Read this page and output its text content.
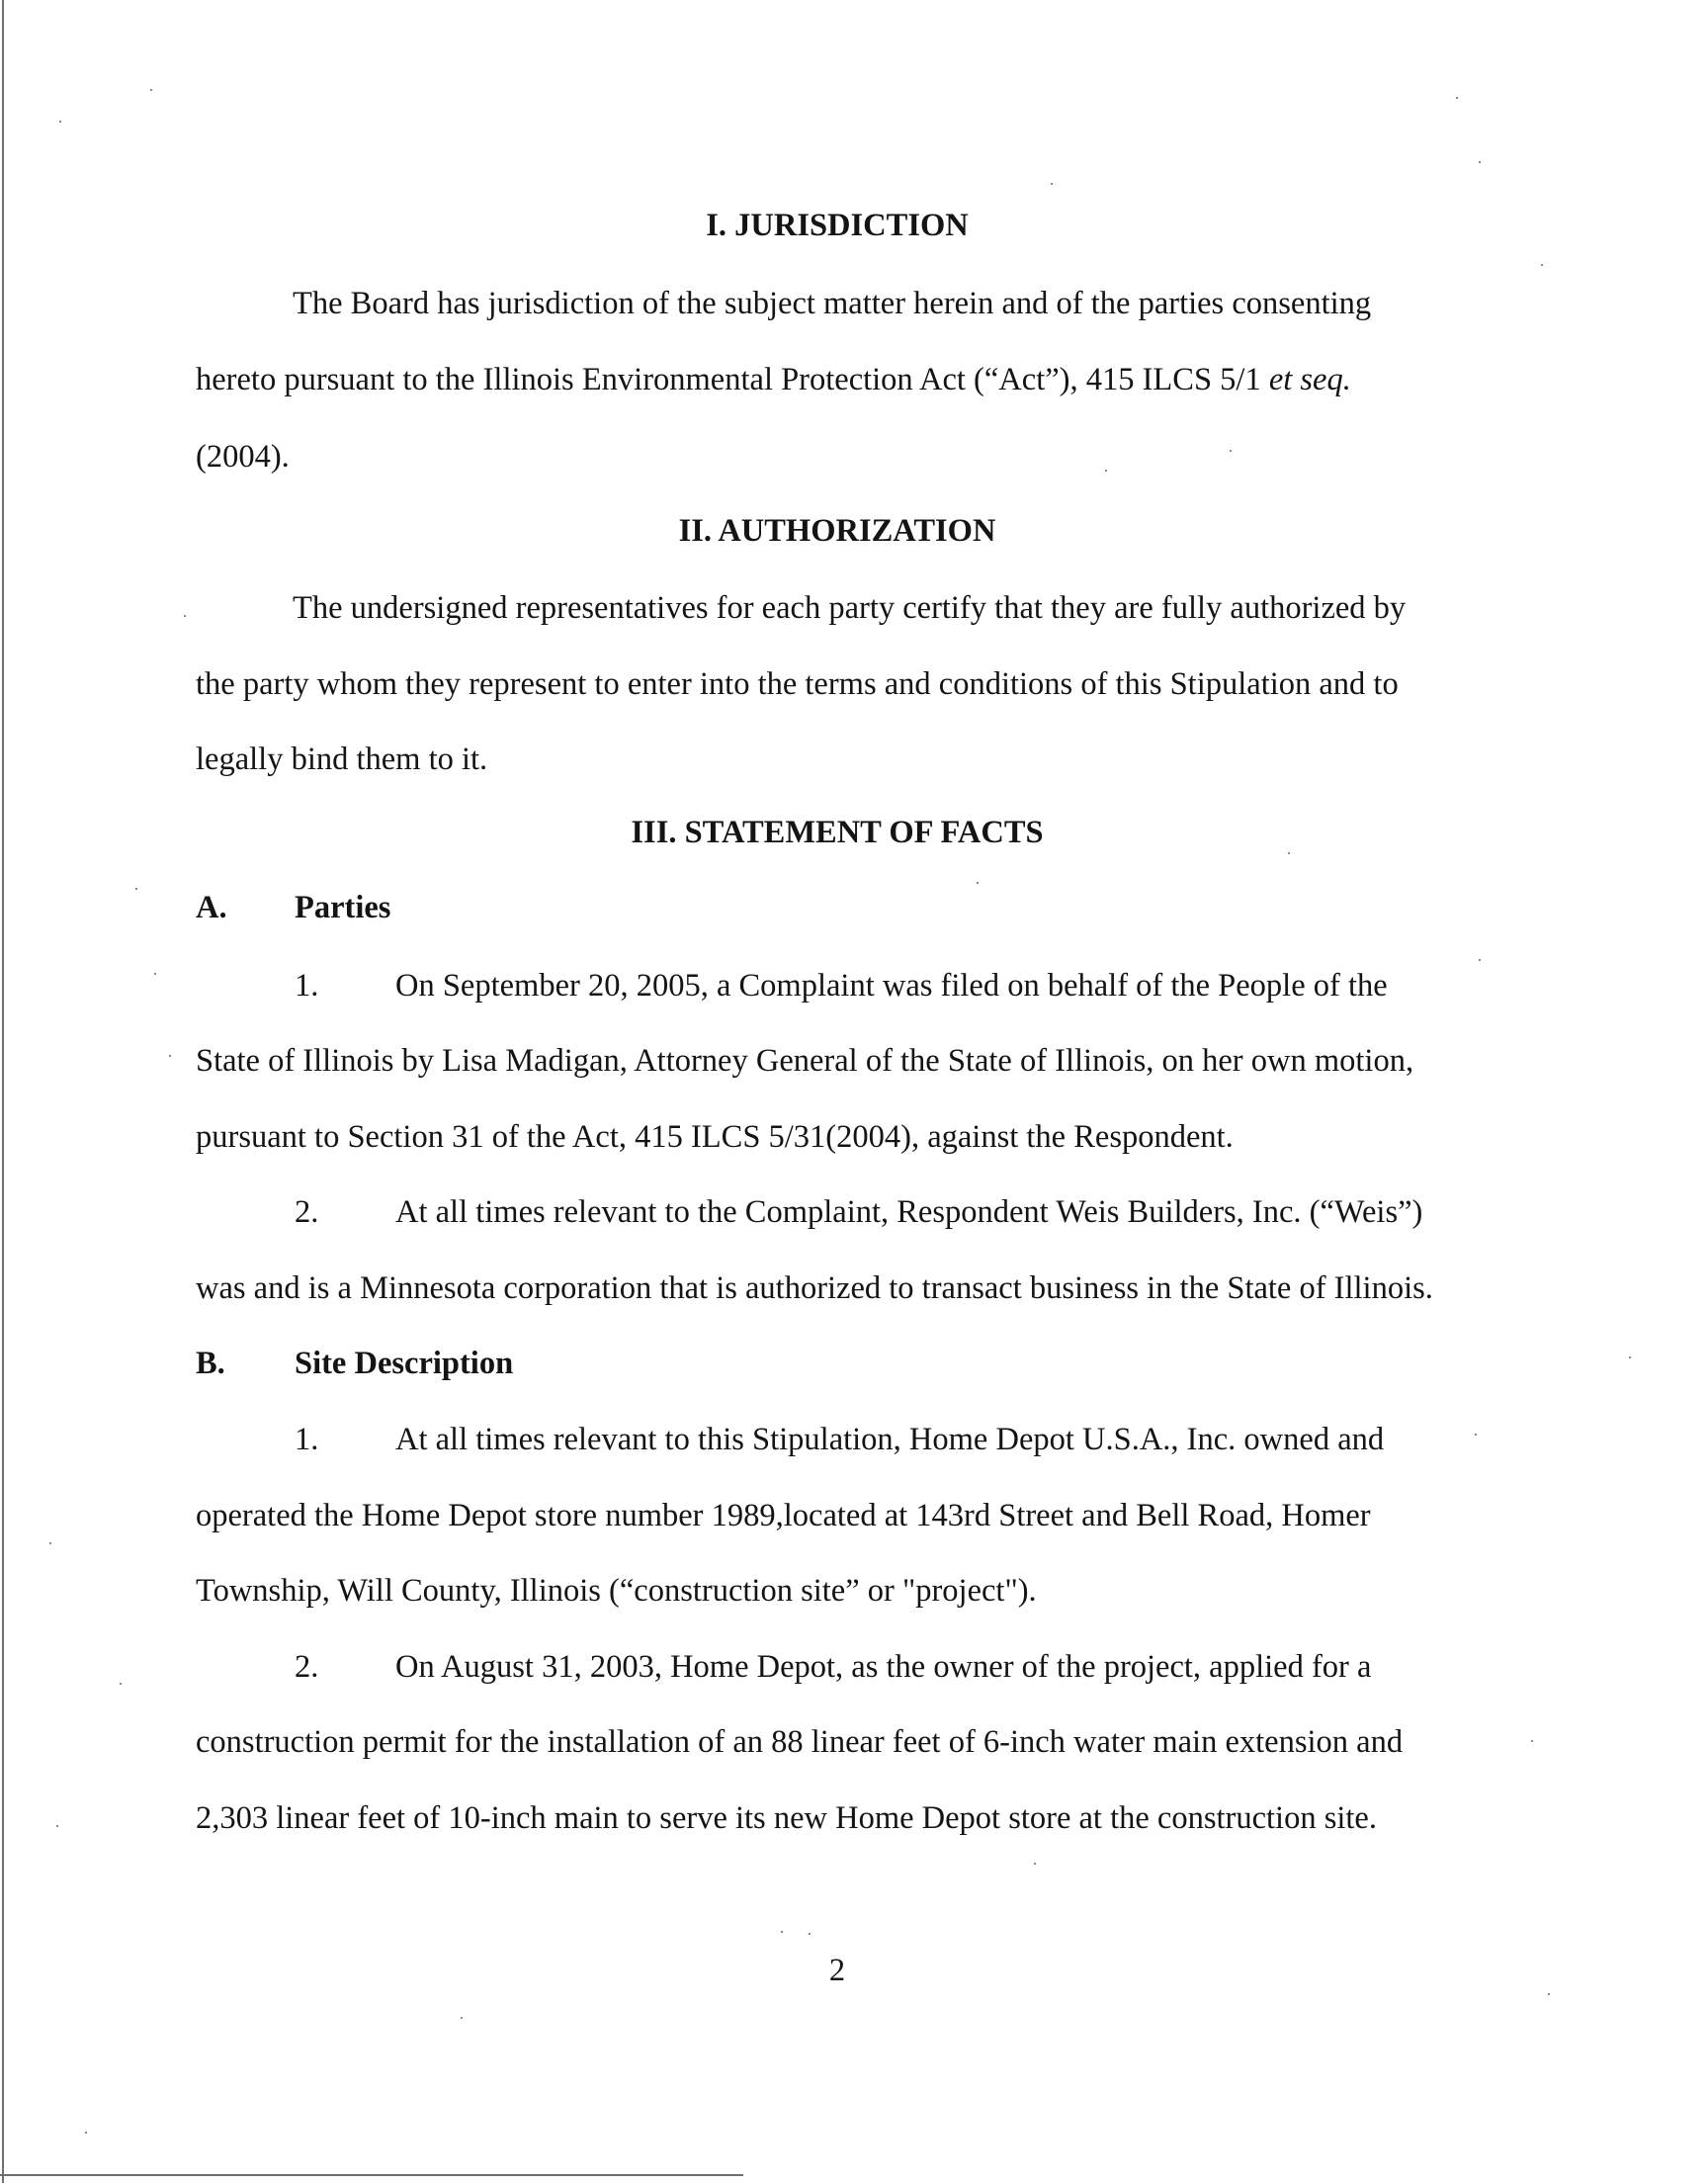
I. JURISDICTION
The Board has jurisdiction of the subject matter herein and of the parties consenting
hereto pursuant to the Illinois Environmental Protection Act (“Act”), 415 ILCS 5/1 et seq.
(2004).
II. AUTHORIZATION
The undersigned representatives for each party certify that they are fully authorized by
the party whom they represent to enter into the terms and conditions of this Stipulation and to
legally bind them to it.
III. STATEMENT OF FACTS
A. Parties
1. On September 20, 2005, a Complaint was filed on behalf of the People of the
State of Illinois by Lisa Madigan, Attorney General of the State of Illinois, on her own motion,
pursuant to Section 31 of the Act, 415 ILCS 5/31(2004), against the Respondent.
2. At all times relevant to the Complaint, Respondent Weis Builders, Inc. (“Weis”)
was and is a Minnesota corporation that is authorized to transact business in the State of Illinois.
B. Site Description
1. At all times relevant to this Stipulation, Home Depot U.S.A., Inc. owned and
operated the Home Depot store number 1989,located at 143rd Street and Bell Road, Homer
Township, Will County, Illinois (“construction site” or "project").
2. On August 31, 2003, Home Depot, as the owner of the project, applied for a
construction permit for the installation of an 88 linear feet of 6-inch water main extension and
2,303 linear feet of 10-inch main to serve its new Home Depot store at the construction site.
2
